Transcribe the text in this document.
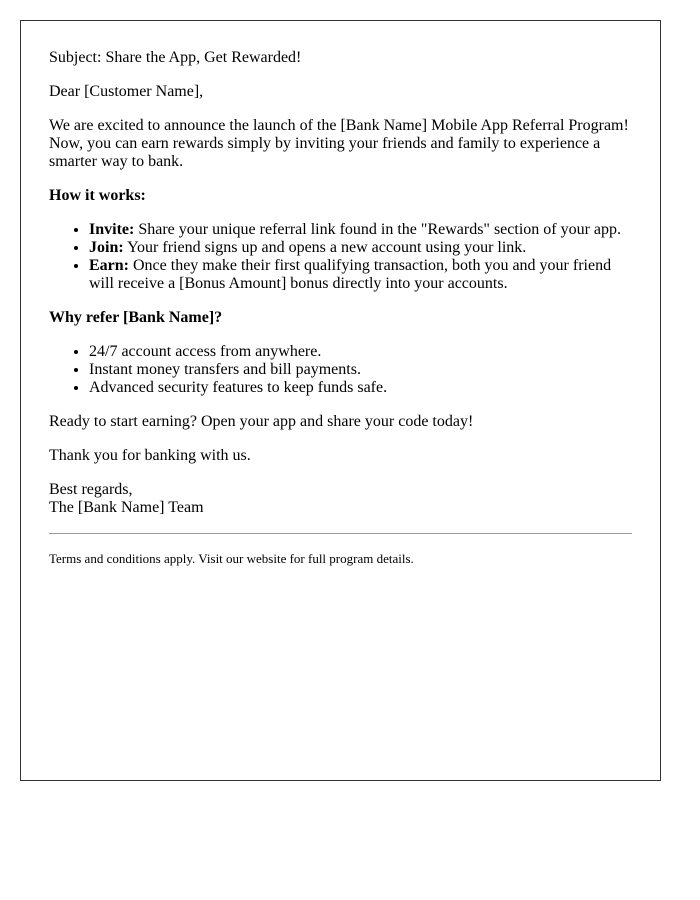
Subject: Share the App, Get Rewarded!

Dear [Customer Name],

We are excited to announce the launch of the [Bank Name] Mobile App Referral Program! Now, you can earn rewards simply by inviting your friends and family to experience a smarter way to bank.

How it works:
• Invite: Share your unique referral link found in the "Rewards" section of your app.
• Join: Your friend signs up and opens a new account using your link.
• Earn: Once they make their first qualifying transaction, both you and your friend will receive a [Bonus Amount] bonus directly into your accounts.
Why refer [Bank Name]?
• 24/7 account access from anywhere.
• Instant money transfers and bill payments.
• Advanced security features to keep funds safe.

Ready to start earning? Open your app and share your code today!

Thank you for banking with us.

Best regards,
The [Bank Name] Team

Terms and conditions apply. Visit our website for full program details.
